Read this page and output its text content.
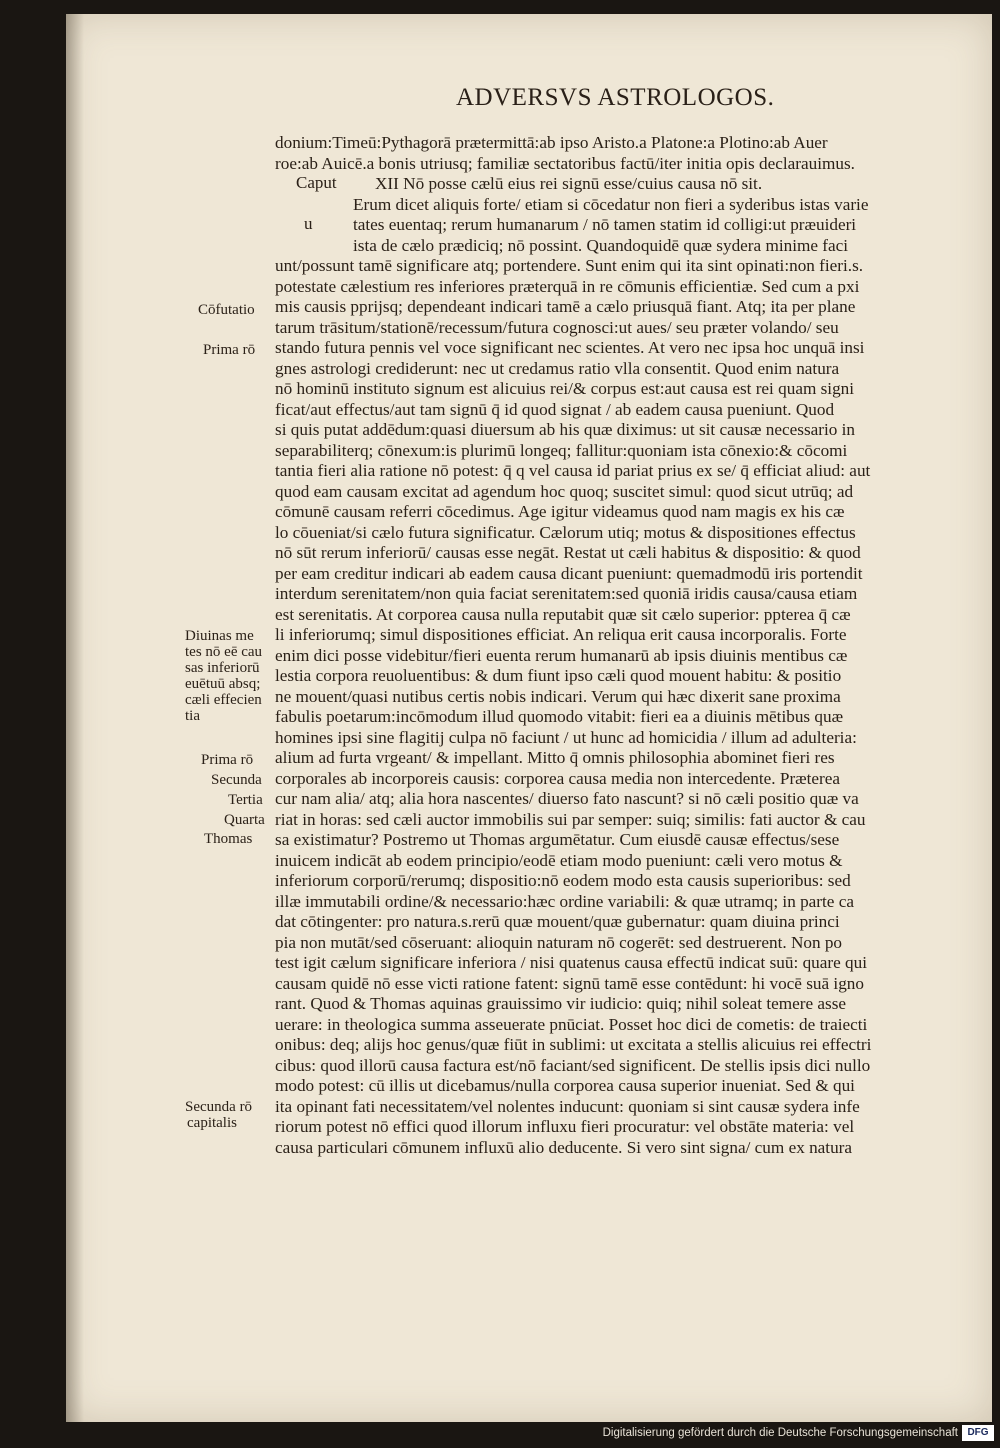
ADVERSVS ASTROLOGOS.
donium:Timeū:Pythagorā prætermittā:ab ipso Aristo.a Platone:a Plotino:ab Auer
roe:ab Auicē.a bonis utriusq; familiæ sectatoribus factū/iter initia opis declarauimus.
XII Nō posse cælū eius rei signū esse/cuius causa nō sit.
Erum dicet aliquis forte/ etiam si cōcedatur non fieri a syderibus istas varie
tates euentaq; rerum humanarum / nō tamen statim id colligi:ut præuideri
ista de cælo prædiciq; nō possint. Quandoquidē quæ sydera minime faci
unt/possunt tamē significare atq; portendere. Sunt enim qui ita sint opinati:non fieri.s.
potestate cælestium res inferiores præterquā in re cōmunis efficientiæ. Sed cum a pxi
mis causis pprijsq; dependeant indicari tamē a cælo priusquā fiant. Atq; ita per plane
tarum trāsitum/stationē/recessum/futura cognosci:ut aues/ seu præter volando/ seu
stando futura pennis vel voce significant nec scientes. At vero nec ipsa hoc unquā insi
gnes astrologi crediderunt: nec ut credamus ratio vlla consentit. Quod enim natura
nō hominū instituto signum est alicuius rei/& corpus est:aut causa est rei quam signi
ficat/aut effectus/aut tam signū q̄ id quod signat / ab eadem causa pueniunt. Quod
si quis putat addēdum:quasi diuersum ab his quæ diximus: ut sit causæ necessario in
separabiliterq; cōnexum:is plurimū longeq; fallitur:quoniam ista cōnexio:& cōcomi
tantia fieri alia ratione nō potest: q̄ q vel causa id pariat prius ex se/ q̄ efficiat aliud: aut
quod eam causam excitat ad agendum hoc quoq; suscitet simul: quod sicut utrūq; ad
cōmunē causam referri cōcedimus. Age igitur videamus quod nam magis ex his cæ
lo cōueniat/si cælo futura significatur. Cælorum utiq; motus & dispositiones effectus
nō sūt rerum inferiorū/ causas esse negāt. Restat ut cæli habitus & dispositio: & quod
per eam creditur indicari ab eadem causa dicant pueniunt: quemadmodū iris portendit
interdum serenitatem/non quia faciat serenitatem:sed quoniā iridis causa/causa etiam
est serenitatis. At corporea causa nulla reputabit quæ sit cælo superior: ppterea q̄ cæ
li inferiorumq; simul dispositiones efficiat. An reliqua erit causa incorporalis. Forte
enim dici posse videbitur/fieri euenta rerum humanarū ab ipsis diuinis mentibus cæ
lestia corpora reuoluentibus: & dum fiunt ipso cæli quod mouent habitu: & positio
ne mouent/quasi nutibus certis nobis indicari. Verum qui hæc dixerit sane proxima
fabulis poetarum:incōmodum illud quomodo vitabit: fieri ea a diuinis mētibus quæ
homines ipsi sine flagitij culpa nō faciunt / ut hunc ad homicidia / illum ad adulteria:
alium ad furta vrgeant/ & impellant. Mitto q̄ omnis philosophia abominet fieri res
corporales ab incorporeis causis: corporea causa media non intercedente. Præterea
cur nam alia/ atq; alia hora nascentes/ diuerso fato nascunt? si nō cæli positio quæ va
riat in horas: sed cæli auctor immobilis sui par semper: suiq; similis: fati auctor & cau
sa existimatur? Postremo ut Thomas argumētatur. Cum eiusdē causæ effectus/sese
inuicem indicāt ab eodem principio/eodē etiam modo pueniunt: cæli vero motus &
inferiorum corporū/rerumq; dispositio:nō eodem modo esta causis superioribus: sed
illæ immutabili ordine/& necessario:hæc ordine variabili: & quæ utramq; in parte ca
dat cōtingenter: pro natura.s.rerū quæ mouent/quæ gubernatur: quam diuina princi
pia non mutāt/sed cōseruant: alioquin naturam nō cogerēt: sed destruerent. Non po
test igit cælum significare inferiora / nisi quatenus causa effectū indicat suū: quare qui
causam quidē nō esse victi ratione fatent: signū tamē esse contēdunt: hi vocē suā igno
rant. Quod & Thomas aquinas grauissimo vir iudicio: quiq; nihil soleat temere asse
uerare: in theologica summa asseuerate pnūciat. Posset hoc dici de cometis: de traiecti
onibus: deq; alijs hoc genus/quæ fiūt in sublimi: ut excitata a stellis alicuius rei effectri
cibus: quod illorū causa factura est/nō faciant/sed significent. De stellis ipsis dici nullo
modo potest: cū illis ut dicebamus/nulla corporea causa superior inueniat. Sed & qui
ita opinant fati necessitatem/vel nolentes inducunt: quoniam si sint causæ sydera infe
riorum potest nō effici quod illorum influxu fieri procuratur: vel obstāte materia: vel
causa particulari cōmunem influxū alio deducente. Si vero sint signa/ cum ex natura
Caput
u
Cōfutatio
Prima rō
Diuinas me
tes nō eē cau
sas inferiorū
euētuū absq;
cæli effecien
tia
Prima rō
Secunda
Tertia
Quarta
Thomas
Secunda rō
capitalis
Digitalisierung gefördert durch die Deutsche Forschungsgemeinschaft DFG
